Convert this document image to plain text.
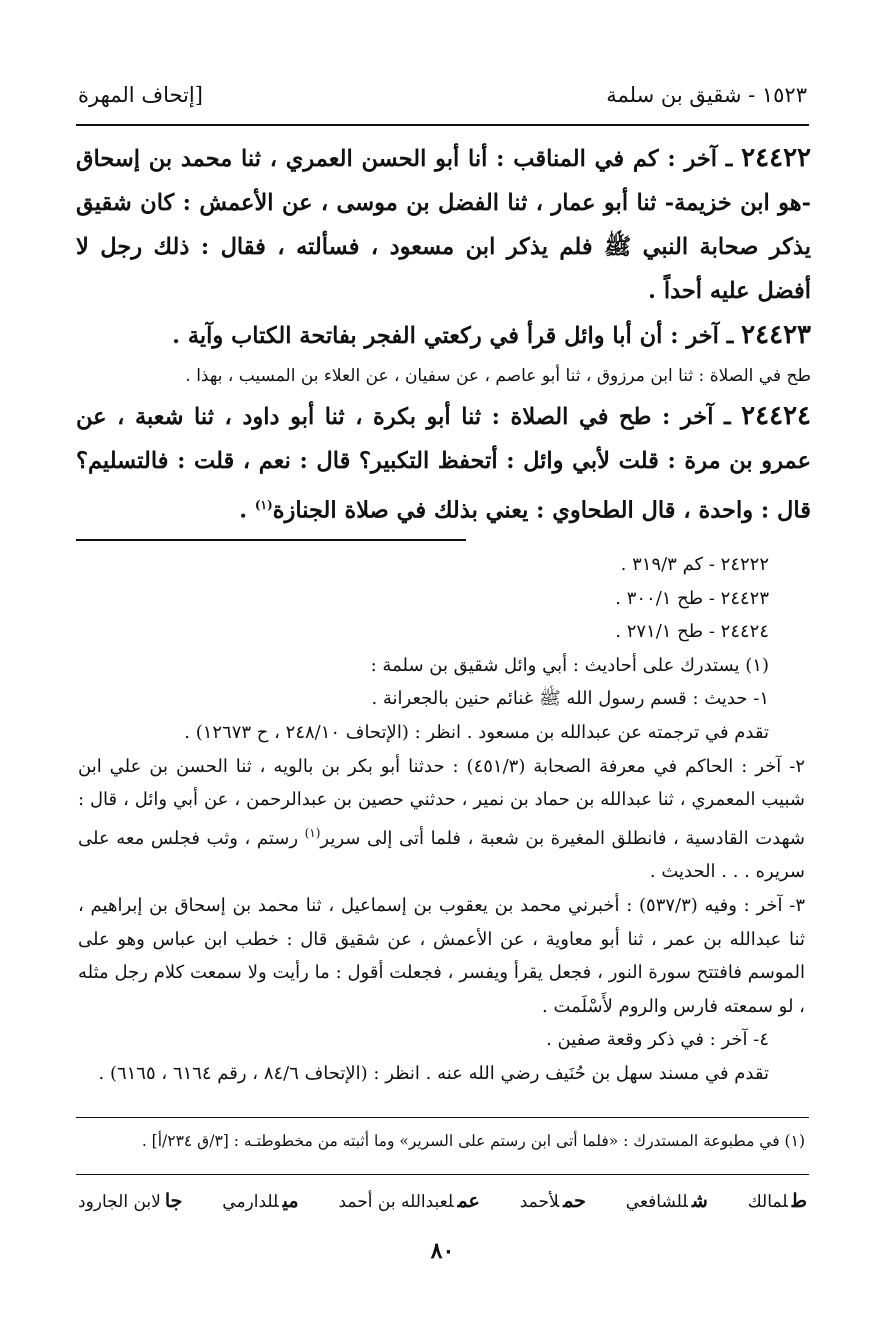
١٥٢٣ - شقيق بن سلمة
[إتحاف المهرة

٢٤٤٢٢ ـ آخر : كم في المناقب : أنا أبو الحسن العمري ، ثنا محمد بن إسحاق -هو ابن خزيمة- ثنا أبو عمار ، ثنا الفضل بن موسى ، عن الأعمش : كان شقيق يذكر صحابة النبي ﷺ فلم يذكر ابن مسعود ، فسألته ، فقال : ذلك رجل لا أفضل عليه أحداً .

٢٤٤٢٣ ـ آخر : أن أبا وائل قرأ في ركعتي الفجر بفاتحة الكتاب وآية .

طح في الصلاة : ثنا ابن مرزوق ، ثنا أبو عاصم ، عن سفيان ، عن العلاء بن المسيب ، بهذا .

٢٤٤٢٤ ـ آخر : طح في الصلاة : ثنا أبو بكرة ، ثنا أبو داود ، ثنا شعبة ، عن عمرو بن مرة : قلت لأبي وائل : أتحفظ التكبير؟ قال : نعم ، قلت : فالتسليم؟ قال : واحدة ، قال الطحاوي : يعني بذلك في صلاة الجنازة$^{(١)}$ .

٢٤٢٢٢ - كم ٣١٩/٣ .

٢٤٤٢٣ - طح ٣٠٠/١ .

٢٤٤٢٤ - طح ٢٧١/١ .

(١) يستدرك على أحاديث : أبي وائل شقيق بن سلمة :

١- حديث : قسم رسول الله ﷺ غنائم حنين بالجعرانة .

تقدم في ترجمته عن عبدالله بن مسعود . انظر : (الإتحاف ٢٤٨/١٠ ، ح ١٢٦٧٣) .

٢- آخر : الحاكم في معرفة الصحابة (٤٥١/٣) : حدثنا أبو بكر بن بالويه ، ثنا الحسن بن علي ابن شبيب المعمري ، ثنا عبدالله بن حماد بن نمير ، حدثني حصين بن عبدالرحمن ، عن أبي وائل ، قال : شهدت القادسية ، فانطلق المغيرة بن شعبة ، فلما أتى إلى سرير$^{(١)}$ رستم ، وثب فجلس معه على سريره . . . الحديث .

٣- آخر : وفيه (٥٣٧/٣) : أخبرني محمد بن يعقوب بن إسماعيل ، ثنا محمد بن إسحاق بن إبراهيم ، ثنا عبدالله بن عمر ، ثنا أبو معاوية ، عن الأعمش ، عن شقيق قال : خطب ابن عباس وهو على الموسم فافتتح سورة النور ، فجعل يقرأ ويفسر ، فجعلت أقول : ما رأيت ولا سمعت كلام رجل مثله ، لو سمعته فارس والروم لأَسْلَمت .

٤- آخر : في ذكر وقعة صفين .

تقدم في مسند سهل بن حُنَيف رضي الله عنه . انظر : (الإتحاف ٨٤/٦ ، رقم ٦١٦٤ ، ٦١٦٥) .

(١) في مطبوعة المستدرك : «فلما أتى ابن رستم على السرير» وما أثبته من مخطوطتـه : [٣/ق ٢٣٤/أ] .
طلمالك
شللشافعي
حملأحمد
عملعبدالله بن أحمد
ميللدارمي
جالابن الجارود
٨٠
